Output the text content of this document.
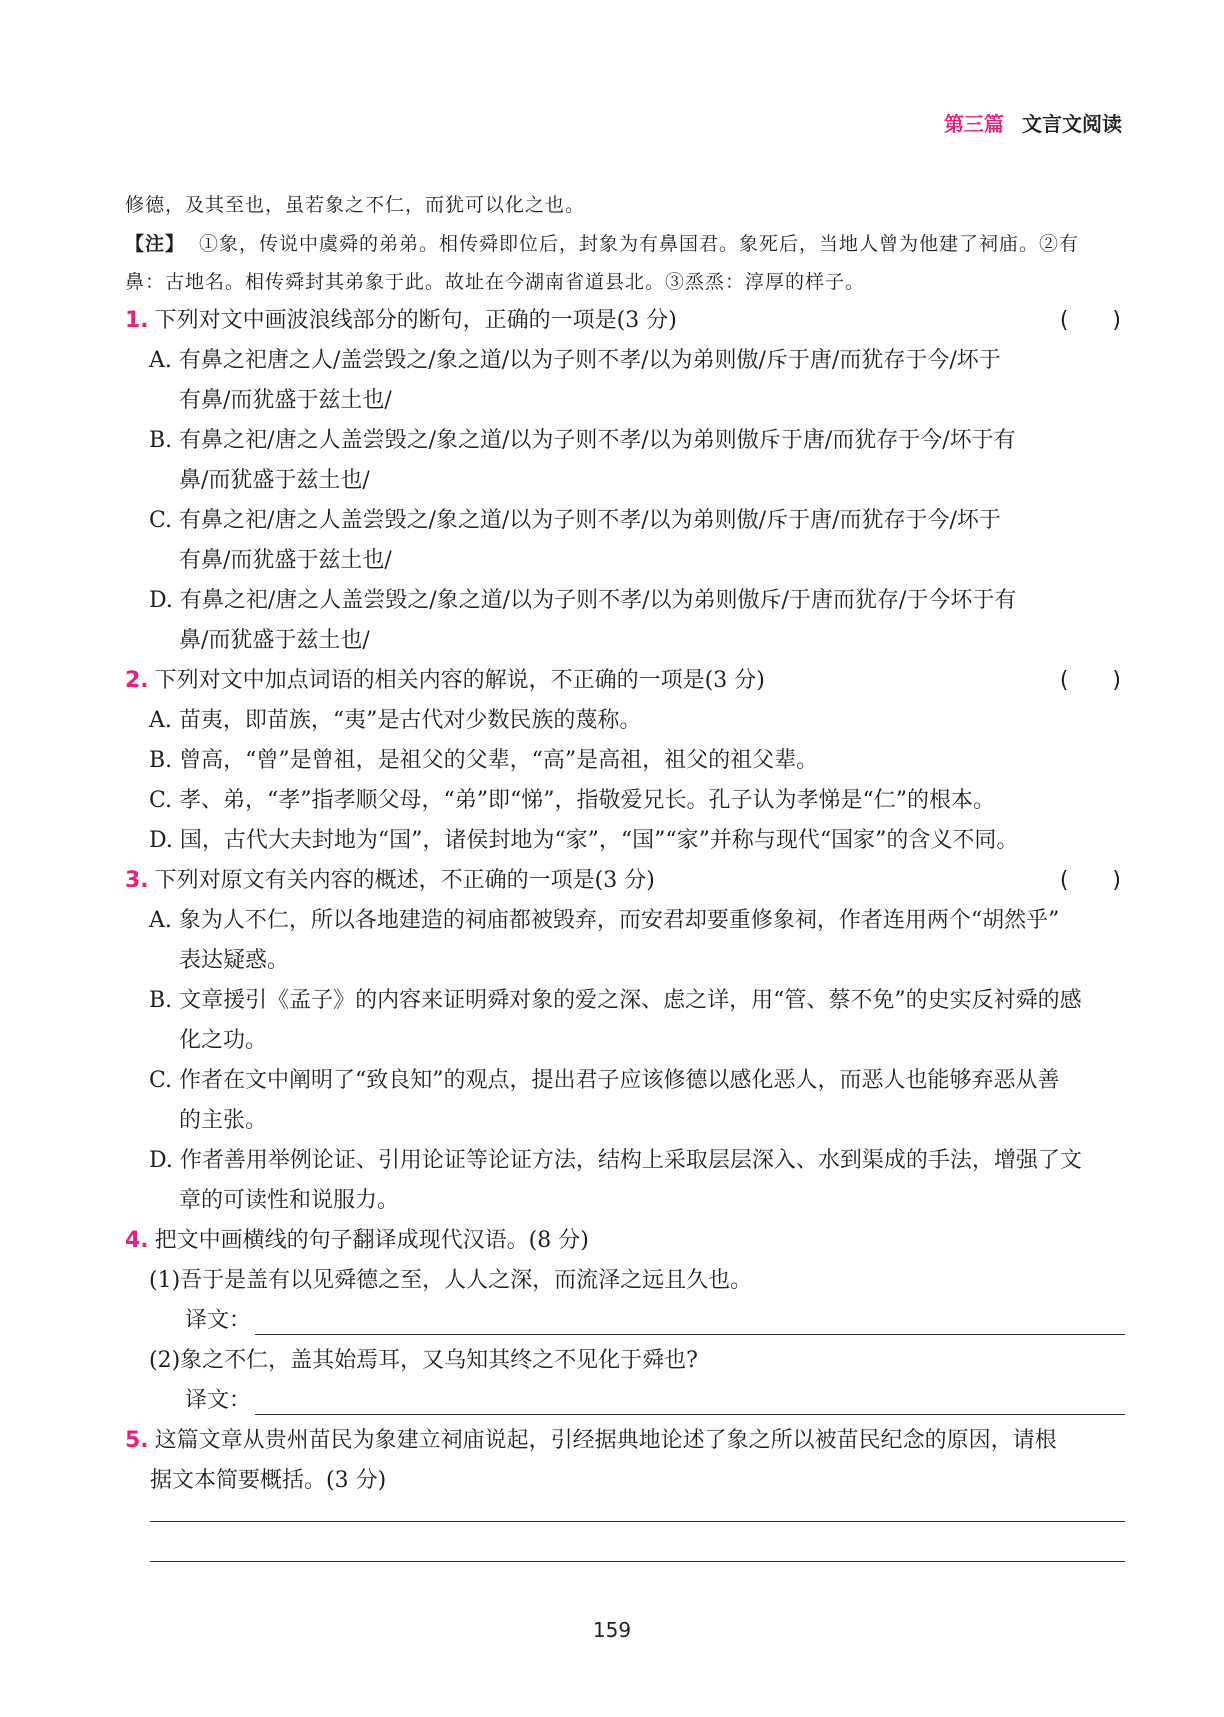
第三篇 文言文阅读
修德，及其至也，虽若象之不仁，而犹可以化之也。
【注】 ①象，传说中虞舜的弟弟。相传舜即位后，封象为有鼻国君。象死后，当地人曾为他建了祠庙。②有
鼻：古地名。相传舜封其弟象于此。故址在今湖南省道县北。③烝烝：淳厚的样子。
1. 下列对文中画波浪线部分的断句，正确的一项是(3 分)	(　　)
A. 有鼻之祀唐之人/盖尝毁之/象之道/以为子则不孝/以为弟则傲/斥于唐/而犹存于今/坏于
有鼻/而犹盛于兹土也/
B. 有鼻之祀/唐之人盖尝毁之/象之道/以为子则不孝/以为弟则傲斥于唐/而犹存于今/坏于有
鼻/而犹盛于兹土也/
C. 有鼻之祀/唐之人盖尝毁之/象之道/以为子则不孝/以为弟则傲/斥于唐/而犹存于今/坏于
有鼻/而犹盛于兹土也/
D. 有鼻之祀/唐之人盖尝毁之/象之道/以为子则不孝/以为弟则傲斥/于唐而犹存/于今坏于有
鼻/而犹盛于兹土也/
2. 下列对文中加点词语的相关内容的解说，不正确的一项是(3 分)	(　　)
A. 苗夷，即苗族，“夷”是古代对少数民族的蔑称。
B. 曾高，“曾”是曾祖，是祖父的父辈，“高”是高祖，祖父的祖父辈。
C. 孝、弟，“孝”指孝顺父母，“弟”即“悌”，指敬爱兄长。孔子认为孝悌是“仁”的根本。
D. 国，古代大夫封地为“国”，诸侯封地为“家”，“国”“家”并称与现代“国家”的含义不同。
3. 下列对原文有关内容的概述，不正确的一项是(3 分)	(　　)
A. 象为人不仁，所以各地建造的祠庙都被毁弃，而安君却要重修象祠，作者连用两个“胡然乎”
表达疑惑。
B. 文章援引《孟子》的内容来证明舜对象的爱之深、虑之详，用“管、蔡不免”的史实反衬舜的感
化之功。
C. 作者在文中阐明了“致良知”的观点，提出君子应该修德以感化恶人，而恶人也能够弃恶从善
的主张。
D. 作者善用举例论证、引用论证等论证方法，结构上采取层层深入、水到渠成的手法，增强了文
章的可读性和说服力。
4. 把文中画横线的句子翻译成现代汉语。(8 分)
(1)吾于是盖有以见舜德之至，人人之深，而流泽之远且久也。
译文：
(2)象之不仁，盖其始焉耳，又乌知其终之不见化于舜也?
译文：
5. 这篇文章从贵州苗民为象建立祠庙说起，引经据典地论述了象之所以被苗民纪念的原因，请根
据文本简要概括。(3 分)
159
